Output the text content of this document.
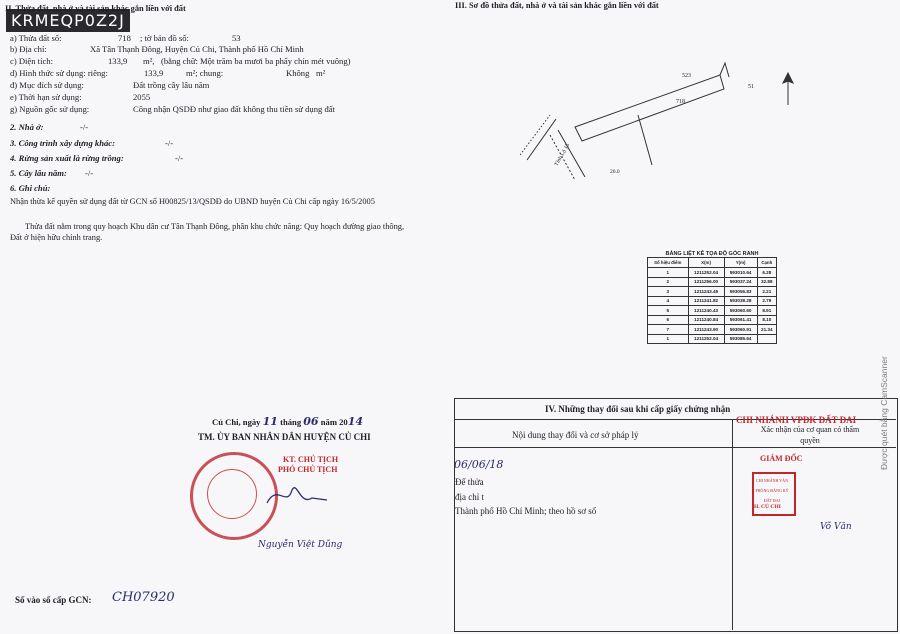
KRMEQP0Z2J
II. Thửa đất, nhà ở và tài sản khác gắn liền với đất
a) Thửa đất số:	718 ; tờ bản đồ số:	53
b) Địa chỉ:	Xã Tân Thạnh Đông, Huyện Củ Chi, Thành phố Hồ Chí Minh
c) Diện tích:	133,9 m², (bằng chữ: Một trăm ba mươi ba phẩy chín mét vuông)
d) Hình thức sử dụng: riêng:	133,9	m²; chung:	Không m²
đ) Mục đích sử dụng:	Đất trồng cây lâu năm
e) Thời hạn sử dụng:	2055
g) Nguồn gốc sử dụng:	Công nhận QSDĐ như giao đất không thu tiền sử dụng đất
2. Nhà ở:	-/-
3. Công trình xây dựng khác:	-/-
4. Rừng sản xuất là rừng trồng:	-/-
5. Cây lâu năm: -/-
6. Ghi chú:
Nhận thừa kế quyền sử dụng đất từ GCN số H00825/13/QSDĐ do UBND huyện Củ Chi cấp ngày 16/5/2005
Thửa đất nằm trong quy hoạch Khu dân cư Tân Thạnh Đông, phân khu chức năng: Quy hoạch đường giao thông, Đất ở hiện hữu chỉnh trang.
Củ Chi, ngày 11 tháng 06 năm 2014
TM. ỦY BAN NHÂN DÂN HUYỆN CỦ CHI
KT. CHỦ TỊCH
PHÓ CHỦ TỊCH
Nguyễn Việt Dũng
Số vào sổ cấp GCN: CH07920
III. Sơ đồ thửa đất, nhà ở và tài sản khác gắn liền với đất
718
523
51
Tỉnh Lộ 15
20.0
IV. Những thay đổi sau khi cấp giấy chứng nhận
Nội dung thay đổi và cơ sở pháp lý
Xác nhận của cơ quan có thẩm quyền
06/06/18
Để thửa
địa chỉ t
Thành phố Hồ Chí Minh; theo hồ sơ số
CHI NHÁNH VPĐK ĐẤT ĐAI
GIÁM ĐỐC
CHI NHÁNH VĂN PHÒNG ĐĂNG KÝ ĐẤT ĐAI
H. CỦ CHI
Võ Văn
BẢNG LIỆT KÊ TỌA ĐỘ GÓC RANH
Số hiệu điểm	X(m)	Y(m)	Cạnh
1	1211252.04	593010.64	6.28
2	1211256.00	593037.24	32.88
3	1211243.49	593056.83	2.21
4	1211241.82	593038.28	2.79
5	1211240.43	593060.60	8.91
6	1211240.84	593061.41	8.10
7	1211243.90	593060.91	21.34
1	1211252.04	593085.64	
Được quét bằng CamScanner
